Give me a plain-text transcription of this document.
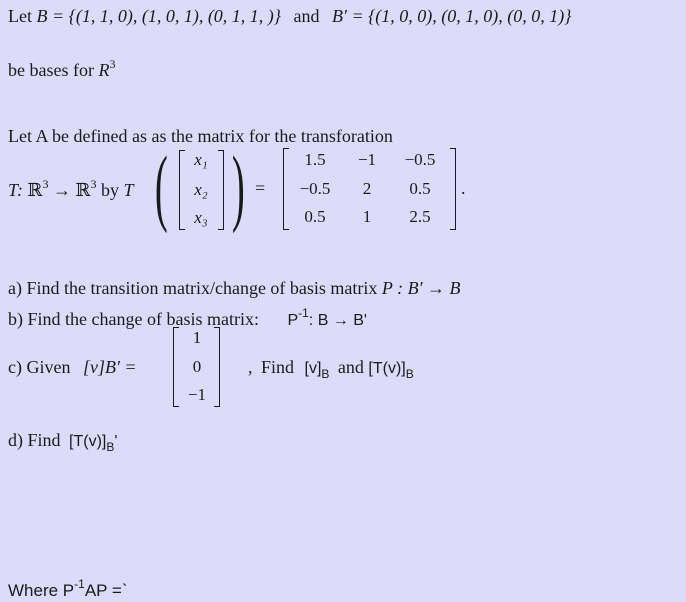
Let B = {(1, 1, 0), (1, 0, 1), (0, 1, 1, )} and B′ = {(1, 0, 0), (0, 1, 0), (0, 0, 1)}
be bases for $R^3$
Let A be defined as as the matrix for the transforation
T: ℝ$^3$ → ℝ$^3$ by T ( )
x₁
x₂
x₃
=
1.5	−1	−0.5
−0.5	2	0.5
0.5	1	2.5
.
a) Find the transition matrix/change of basis matrix P : B′ → B
b) Find the change of basis matrix: $P^{-1}$: B → B'
c) Given [v]B′ =
1
0
−1
, Find $[v]_B$ and $[T(v)]_B$
d) Find $[T(v)]_B'$
Where $P^{-1}AP$ =`
